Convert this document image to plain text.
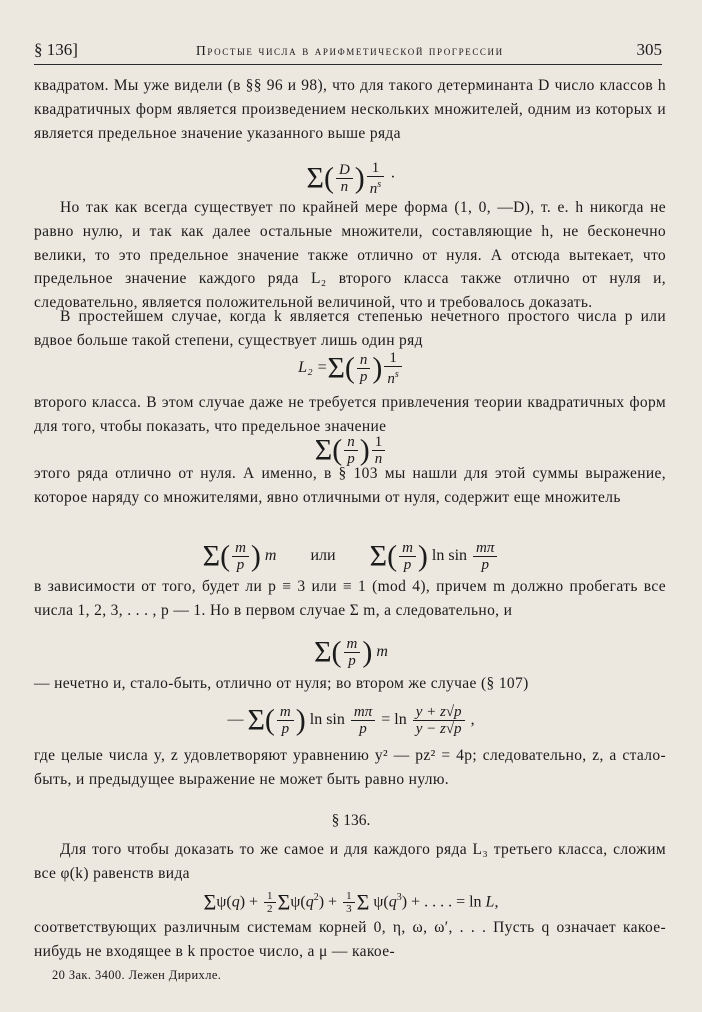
§ 136]	Простые числа в арифметической прогрессии	305

квадратом. Мы уже видели (в §§ 96 и 98), что для такого детерминанта D число классов h квадратичных форм является произведением нескольких множителей, одним из которых и является предельное значение указанного выше ряда

$\Sigma( \frac{D}{n}$ ) $\frac{1}{n^s}$ ·

Но так как всегда существует по крайней мере форма (1, 0, —D), т. е. h никогда не равно нулю, и так как далее остальные множители, составляющие h, не бесконечно велики, то это предельное значение также отлично от нуля. А отсюда вытекает, что предельное значение каждого ряда L₂ второго класса также отлично от нуля и, следовательно, является положительной величиной, что и требовалось доказать.

В простейшем случае, когда k является степенью нечетного простого числа p или вдвое больше такой степени, существует лишь один ряд

$L_2 =\Sigma( \frac{n}{p}$ ) $\frac{1}{n^s}$

второго класса. В этом случае даже не требуется привлечения теории квадратичных форм для того, чтобы показать, что предельное значение

$\Sigma( \frac{n}{p}$ ) $\frac{1}{n}$

этого ряда отлично от нуля. А именно, в § 103 мы нашли для этой суммы выражение, которое наряду со множителями, явно отличными от нуля, содержит еще множитель

$\Sigma( \frac{m}{p}$ ) m или $\Sigma( \frac{m}{p}$ ) $\ln \sin \frac{m\pi}{p}$

в зависимости от того, будет ли p ≡ 3 или ≡ 1 (mod 4), причем m должно пробегать все числа 1, 2, 3, . . . , p — 1. Но в первом случае Σ m, а следовательно, и

$\Sigma( \frac{m}{p}$ ) m

— нечетно и, стало-быть, отлично от нуля; во втором же случае (§ 107)

— $\Sigma( \frac{m}{p}$ ) $\ln \sin \frac{m\pi}{p} = \ln \frac{y + z√p}{y - z√p}$ ,

где целые числа y, z удовлетворяют уравнению y² — pz² = 4p; следовательно, z, а стало-быть, и предыдущее выражение не может быть равно нулю.

§ 136.

Для того чтобы доказать то же самое и для каждого ряда L₃ третьего класса, сложим все φ(k) равенств вида

$\Sigma\psi(q) + \frac{1}{2} \Sigma\psi(q^2) + \frac{1}{3}$ Σ $\psi(q^3)$ + . . . . = ln L,

соответствующих различным системам корней 0, η, ω, ω′, . . . Пусть q означает какое-нибудь не входящее в k простое число, а μ — какое-

20 Зак. 3400. Лежен Дирихле.
